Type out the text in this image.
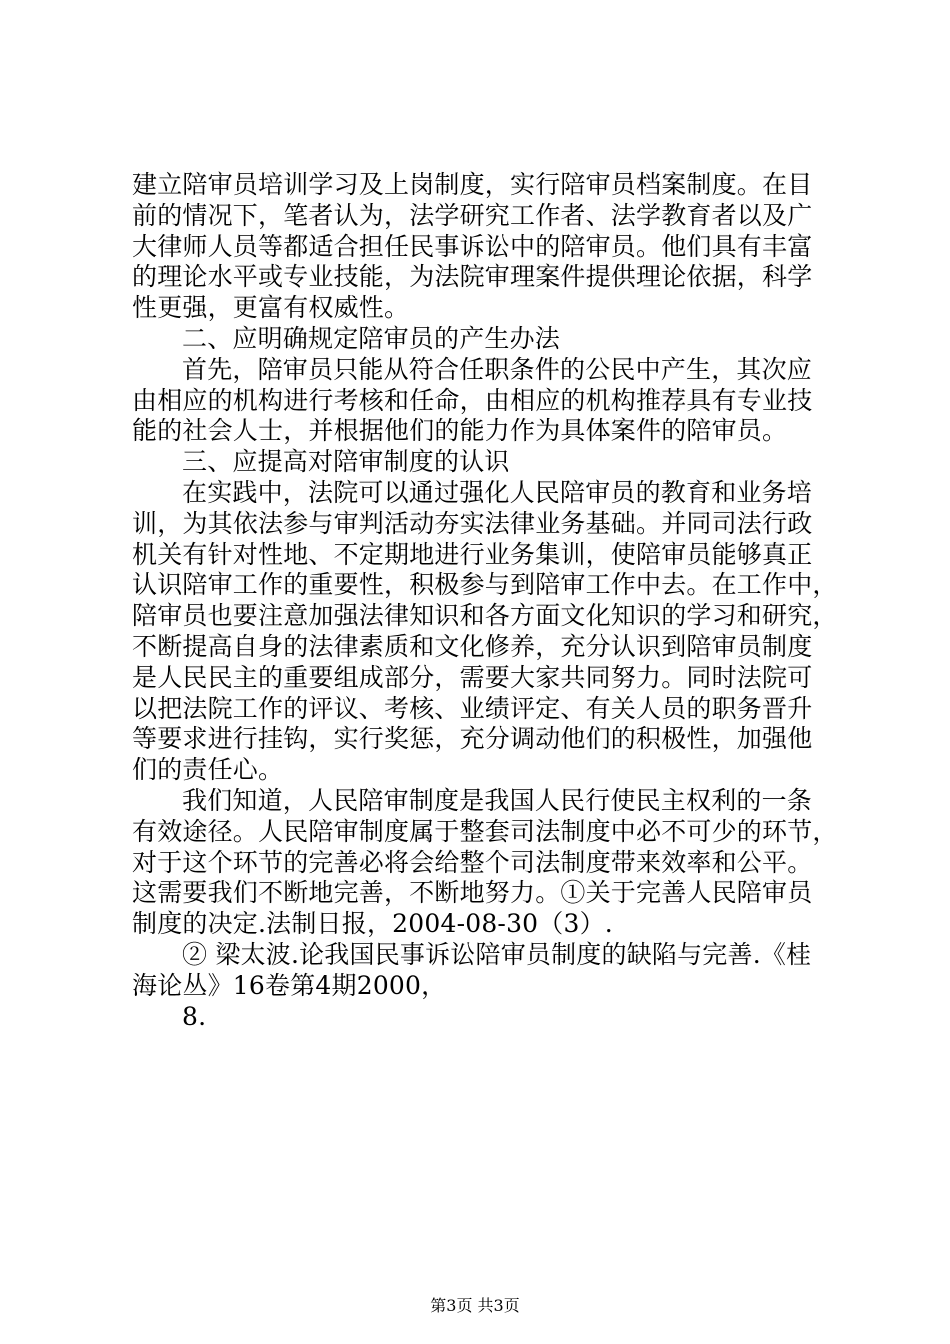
建立陪审员培训学习及上岗制度，实行陪审员档案制度。在目
前的情况下，笔者认为，法学研究工作者、法学教育者以及广
大律师人员等都适合担任民事诉讼中的陪审员。他们具有丰富
的理论水平或专业技能，为法院审理案件提供理论依据，科学
性更强，更富有权威性。
二、应明确规定陪审员的产生办法
首先，陪审员只能从符合任职条件的公民中产生，其次应
由相应的机构进行考核和任命，由相应的机构推荐具有专业技
能的社会人士，并根据他们的能力作为具体案件的陪审员。
三、应提高对陪审制度的认识
在实践中，法院可以通过强化人民陪审员的教育和业务培
训，为其依法参与审判活动夯实法律业务基础。并同司法行政
机关有针对性地、不定期地进行业务集训，使陪审员能够真正
认识陪审工作的重要性，积极参与到陪审工作中去。在工作中，
陪审员也要注意加强法律知识和各方面文化知识的学习和研究，
不断提高自身的法律素质和文化修养，充分认识到陪审员制度
是人民民主的重要组成部分，需要大家共同努力。同时法院可
以把法院工作的评议、考核、业绩评定、有关人员的职务晋升
等要求进行挂钩，实行奖惩，充分调动他们的积极性，加强他
们的责任心。
我们知道，人民陪审制度是我国人民行使民主权利的一条
有效途径。人民陪审制度属于整套司法制度中必不可少的环节，
对于这个环节的完善必将会给整个司法制度带来效率和公平。
这需要我们不断地完善，不断地努力。①关于完善人民陪审员
制度的决定.法制日报，2004-08-30（3）.
② 梁太波.论我国民事诉讼陪审员制度的缺陷与完善.《桂
海论丛》16卷第4期2000，
8.
第3页 共3页
